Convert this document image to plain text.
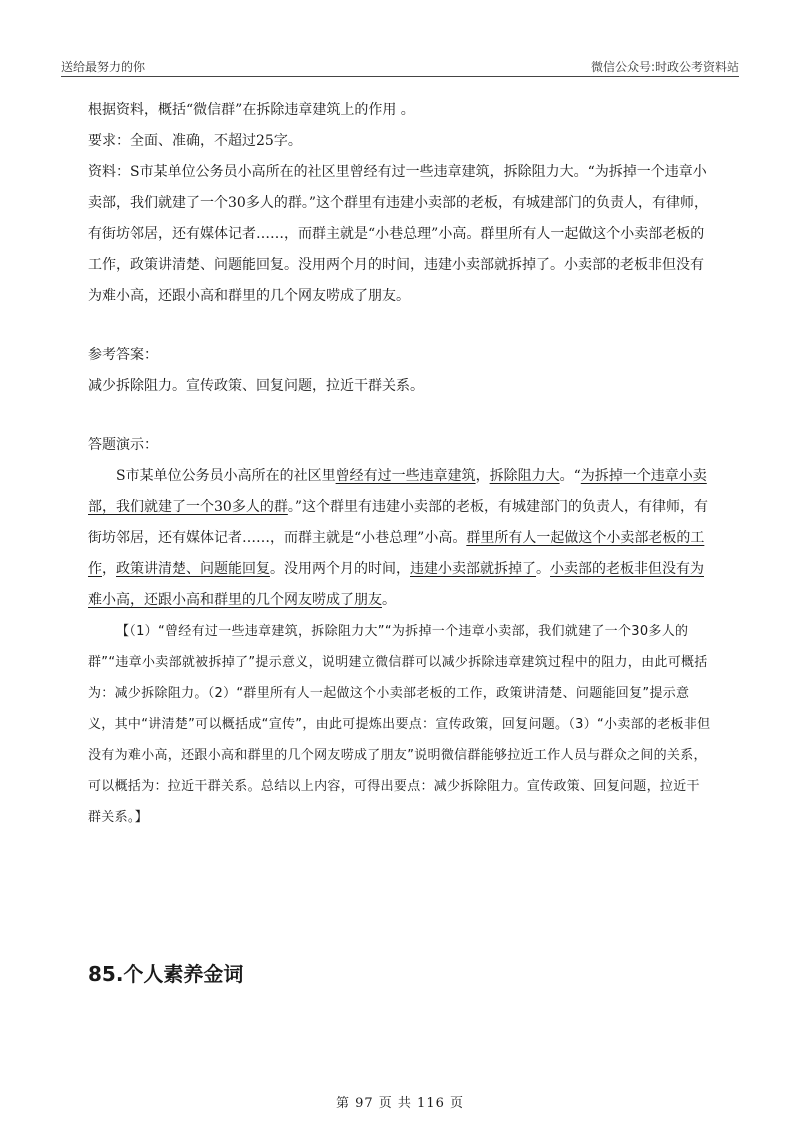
送给最努力的你	微信公众号:时政公考资料站

根据资料，概括“微信群”在拆除违章建筑上的作用 。

要求：全面、准确，不超过25字。

资料：S市某单位公务员小高所在的社区里曾经有过一些违章建筑，拆除阻力大。“为拆掉一个违章小卖部，我们就建了一个30多人的群。”这个群里有违建小卖部的老板，有城建部门的负责人，有律师，有街坊邻居，还有媒体记者……，而群主就是“小巷总理”小高。群里所有人一起做这个小卖部老板的工作，政策讲清楚、问题能回复。没用两个月的时间，违建小卖部就拆掉了。小卖部的老板非但没有为难小高，还跟小高和群里的几个网友唠成了朋友。

参考答案：

减少拆除阻力。宣传政策、回复问题，拉近干群关系。

答题演示：

S市某单位公务员小高所在的社区里曾经有过一些违章建筑，拆除阻力大。“为拆掉一个违章小卖部，我们就建了一个30多人的群。”这个群里有违建小卖部的老板，有城建部门的负责人，有律师，有街坊邻居，还有媒体记者……，而群主就是“小巷总理”小高。群里所有人一起做这个小卖部老板的工作，政策讲清楚、问题能回复。没用两个月的时间，违建小卖部就拆掉了。小卖部的老板非但没有为难小高，还跟小高和群里的几个网友唠成了朋友。

【（1）“曾经有过一些违章建筑，拆除阻力大”“为拆掉一个违章小卖部，我们就建了一个30多人的群”“违章小卖部就被拆掉了”提示意义，说明建立微信群可以减少拆除违章建筑过程中的阻力，由此可概括为：减少拆除阻力。（2）“群里所有人一起做这个小卖部老板的工作，政策讲清楚、问题能回复”提示意义，其中“讲清楚”可以概括成“宣传”，由此可提炼出要点：宣传政策，回复问题。（3）“小卖部的老板非但没有为难小高，还跟小高和群里的几个网友唠成了朋友”说明微信群能够拉近工作人员与群众之间的关系，可以概括为：拉近干群关系。总结以上内容，可得出要点：减少拆除阻力。宣传政策、回复问题，拉近干群关系。】

85.个人素养金词
第 97 页 共 116 页
